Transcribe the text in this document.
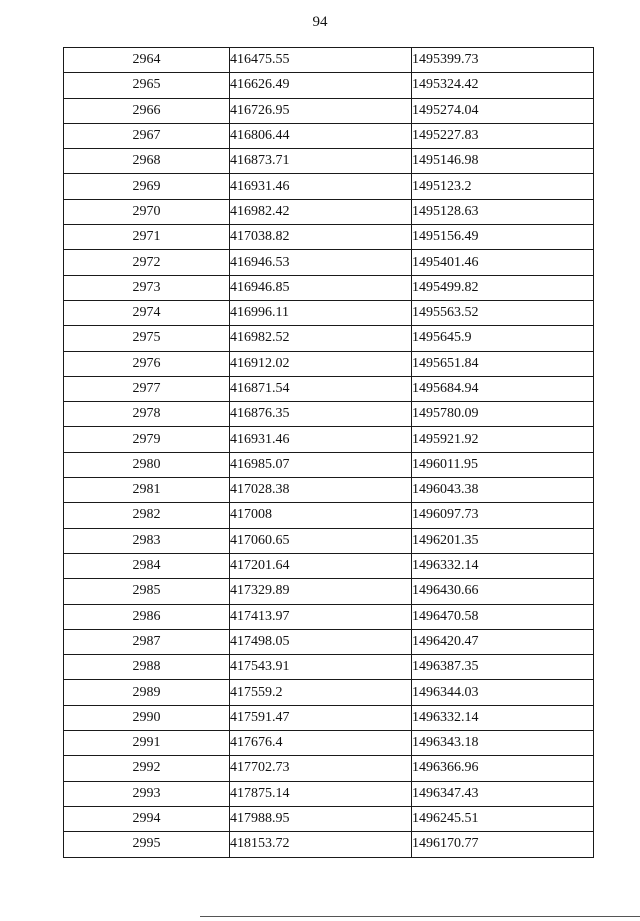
94
2964	416475.55	1495399.73
2965	416626.49	1495324.42
2966	416726.95	1495274.04
2967	416806.44	1495227.83
2968	416873.71	1495146.98
2969	416931.46	1495123.2
2970	416982.42	1495128.63
2971	417038.82	1495156.49
2972	416946.53	1495401.46
2973	416946.85	1495499.82
2974	416996.11	1495563.52
2975	416982.52	1495645.9
2976	416912.02	1495651.84
2977	416871.54	1495684.94
2978	416876.35	1495780.09
2979	416931.46	1495921.92
2980	416985.07	1496011.95
2981	417028.38	1496043.38
2982	417008	1496097.73
2983	417060.65	1496201.35
2984	417201.64	1496332.14
2985	417329.89	1496430.66
2986	417413.97	1496470.58
2987	417498.05	1496420.47
2988	417543.91	1496387.35
2989	417559.2	1496344.03
2990	417591.47	1496332.14
2991	417676.4	1496343.18
2992	417702.73	1496366.96
2993	417875.14	1496347.43
2994	417988.95	1496245.51
2995	418153.72	1496170.77
